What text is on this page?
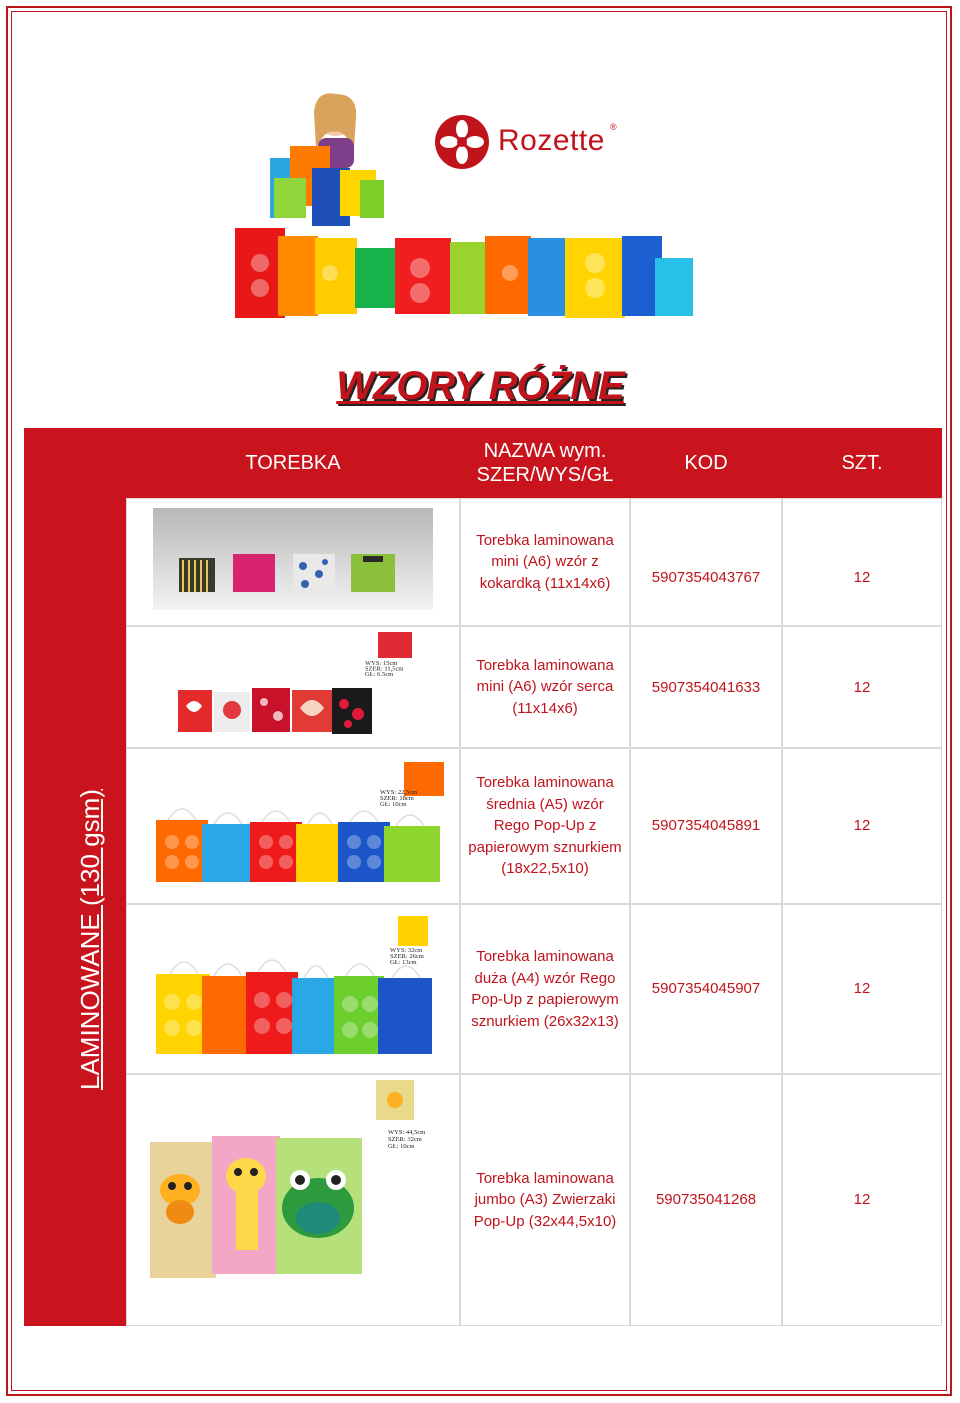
Rozette ®
WZORY RÓŻNE
TOREBKA
NAZWA wym. SZER/WYS/GŁ
KOD	SZT.
LAMINOWANE (130 gsm)
WYS: 15cm
SZER: 11,5cm
GŁ: 6,5cm
WYS: 22,5cm
SZER: 18cm
GŁ: 10cm
WYS: 32cm
SZER: 26cm
GŁ: 13cm
WYS: 44,5cm
SZER: 32cm
GŁ: 10cm
Torebka laminowana mini (A6) wzór z kokardką (11x14x6)
Torebka laminowana mini (A6) wzór serca (11x14x6)
Torebka laminowana średnia (A5) wzór Rego Pop-Up z papierowym sznurkiem (18x22,5x10)
Torebka laminowana duża (A4) wzór Rego Pop-Up z papierowym sznurkiem (26x32x13)
Torebka laminowana jumbo (A3) Zwierzaki Pop-Up (32x44,5x10)
5907354043767
5907354041633
5907354045891
5907354045907
590735041268
12
12
12
12
12
